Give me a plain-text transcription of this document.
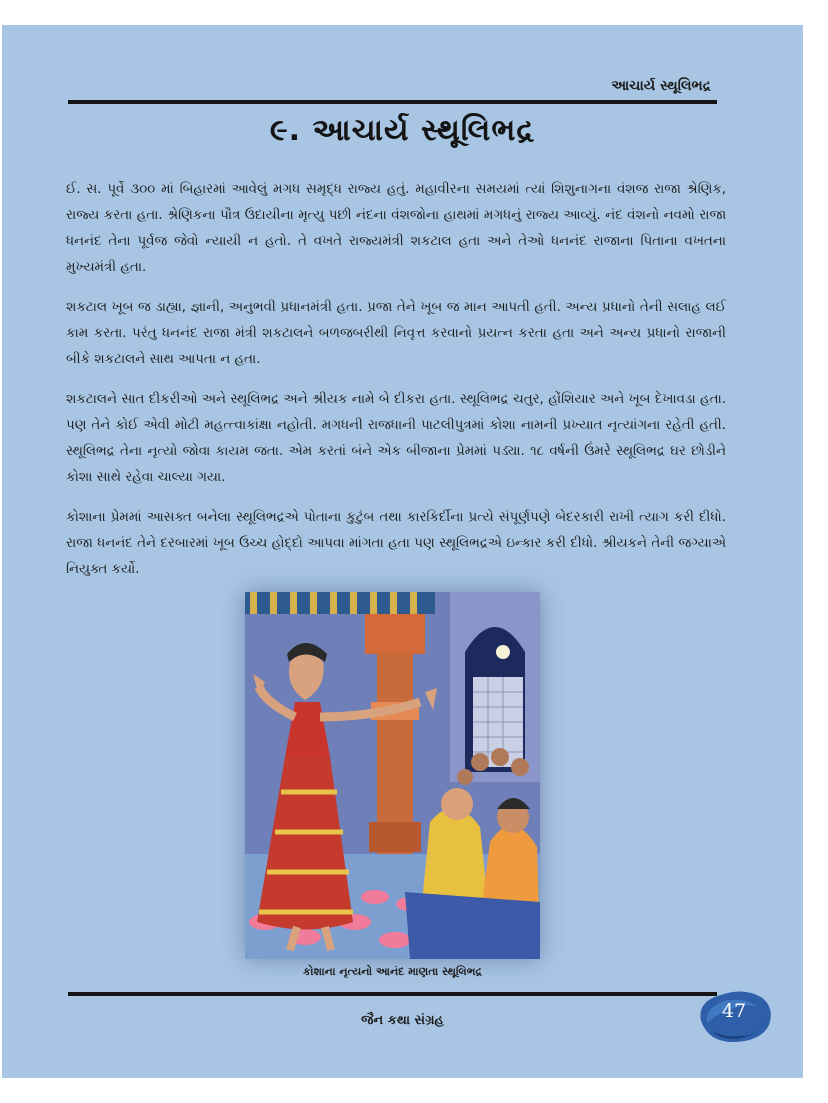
આચાર્ય સ્થૂલિભદ્ર
૯. આચાર્ય સ્થૂલિભદ્ર

ઈ. સ. પૂર્વે ૩૦૦ માં બિહારમાં આવેલું મગધ સમૃદ્ધ રાજ્ય હતું. મહાવીરના સમયમાં ત્યાં શિશુનાગના વંશજ રાજા શ્રેણિક, રાજ્ય કરતા હતા. શ્રેણિકના પૌત્ર ઉદાયીના મૃત્યુ પછી નંદના વંશજોના હાથમાં મગધનું રાજ્ય આવ્યું. નંદ વંશનો નવમો રાજા ધનનંદ તેના પૂર્વજ જેવો ન્યાયી ન હતો. તે વખતે રાજ્યમંત્રી શકટાલ હતા અને તેઓ ધનનંદ રાજાના પિતાના વખતના મુખ્યમંત્રી હતા.

શકટાલ ખૂબ જ ડાહ્યા, જ્ઞાની, અનુભવી પ્રધાનમંત્રી હતા. પ્રજા તેને ખૂબ જ માન આપતી હતી. અન્ય પ્રધાનો તેની સલાહ લઈ કામ કરતા. પરંતુ ધનનંદ રાજા મંત્રી શકટાલને બળજબરીથી નિવૃત્ત કરવાનો પ્રયત્ન કરતા હતા અને અન્ય પ્રધાનો રાજાની બીકે શકટાલને સાથ આપતા ન હતા.

શકટાલને સાત દીકરીઓ અને સ્થૂલિભદ્ર અને શ્રીયક નામે બે દીકરા હતા. સ્થૂલિભદ્ર ચતુર, હોંશિયાર અને ખૂબ દેખાવડા હતા. પણ તેને કોઈ એવી મોટી મહત્ત્વાકાંક્ષા નહોતી. મગધની રાજધાની પાટલીપુત્રમાં કોશા નામની પ્રખ્યાત નૃત્યાંગના રહેતી હતી. સ્થૂલિભદ્ર તેના નૃત્યો જોવા કાયમ જતા. એમ કરતાં બંને એક બીજાના પ્રેમમાં પડ્યા. ૧૮ વર્ષની ઉંમરે સ્થૂલિભદ્ર ઘર છોડીને કોશા સાથે રહેવા ચાલ્યા ગયા.

કોશાના પ્રેમમાં આસક્ત બનેલા સ્થૂલિભદ્રએ પોતાના કુટુંબ તથા કારકિર્દીના પ્રત્યે સંપૂર્ણપણે બેદરકારી રાખી ત્યાગ કરી દીધો. રાજા ધનનંદ તેને દરબારમાં ખૂબ ઉચ્ચ હોદ્દો આપવા માંગતા હતા પણ સ્થૂલિભદ્રએ ઇન્કાર કરી દીધો. શ્રીયકને તેની જગ્યાએ નિયુક્ત કર્યો.

કોશાના નૃત્યનો આનંદ માણતા સ્થૂલિભદ્ર
જૈન કથા સંગ્રહ	47
